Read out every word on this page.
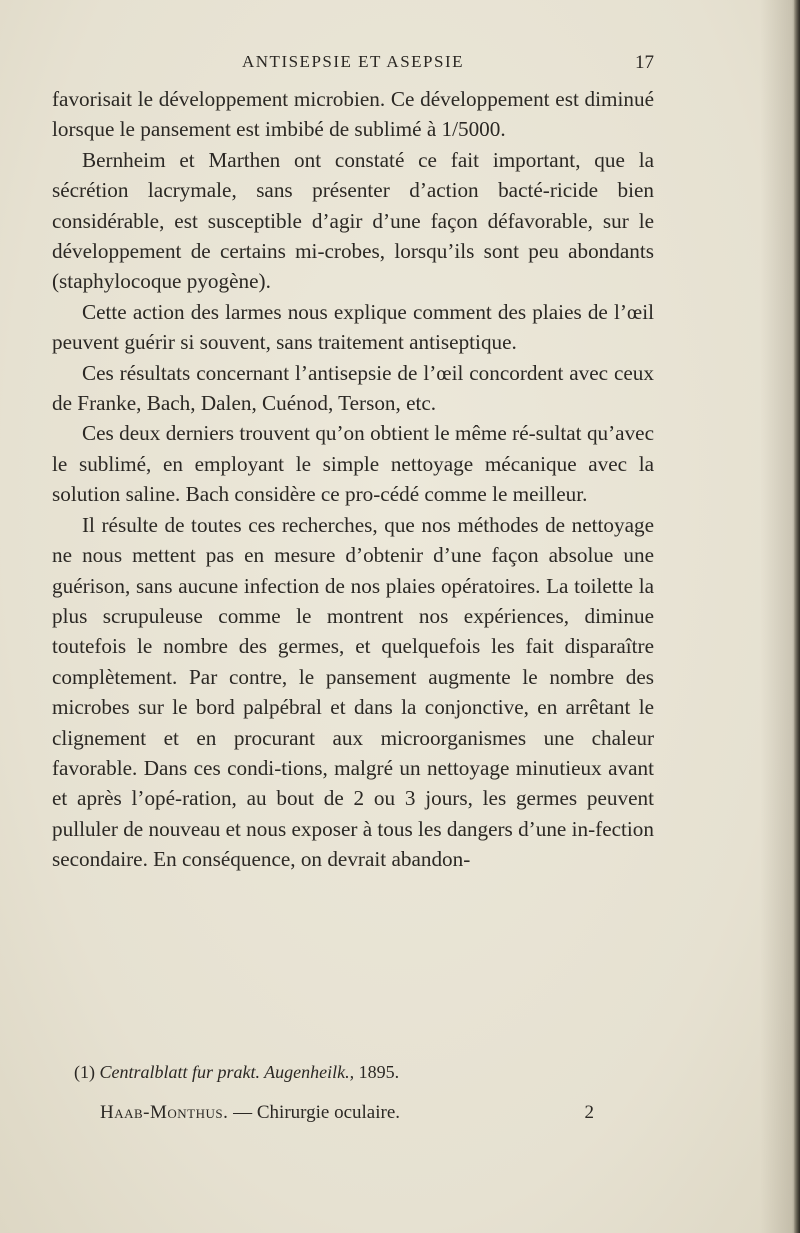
ANTISEPSIE ET ASEPSIE	17

favorisait le développement microbien. Ce développement est diminué lorsque le pansement est imbibé de sublimé à 1/5000.

Bernheim et Marthen ont constaté ce fait important, que la sécrétion lacrymale, sans présenter d’action bacté-ricide bien considérable, est susceptible d’agir d’une façon défavorable, sur le développement de certains mi-crobes, lorsqu’ils sont peu abondants (staphylocoque pyogène).

Cette action des larmes nous explique comment des plaies de l’œil peuvent guérir si souvent, sans traitement antiseptique.

Ces résultats concernant l’antisepsie de l’œil concordent avec ceux de Franke, Bach, Dalen, Cuénod, Terson, etc.

Ces deux derniers trouvent qu’on obtient le même ré-sultat qu’avec le sublimé, en employant le simple nettoyage mécanique avec la solution saline. Bach considère ce pro-cédé comme le meilleur.

Il résulte de toutes ces recherches, que nos méthodes de nettoyage ne nous mettent pas en mesure d’obtenir d’une façon absolue une guérison, sans aucune infection de nos plaies opératoires. La toilette la plus scrupuleuse comme le montrent nos expériences, diminue toutefois le nombre des germes, et quelquefois les fait disparaître complètement. Par contre, le pansement augmente le nombre des microbes sur le bord palpébral et dans la conjonctive, en arrêtant le clignement et en procurant aux microorganismes une chaleur favorable. Dans ces condi-tions, malgré un nettoyage minutieux avant et après l’opé-ration, au bout de 2 ou 3 jours, les germes peuvent pulluler de nouveau et nous exposer à tous les dangers d’une in-fection secondaire. En conséquence, on devrait abandon-

(1) Centralblatt fur prakt. Augenheilk., 1895.
Haab-Monthus. — Chirurgie oculaire.	2
